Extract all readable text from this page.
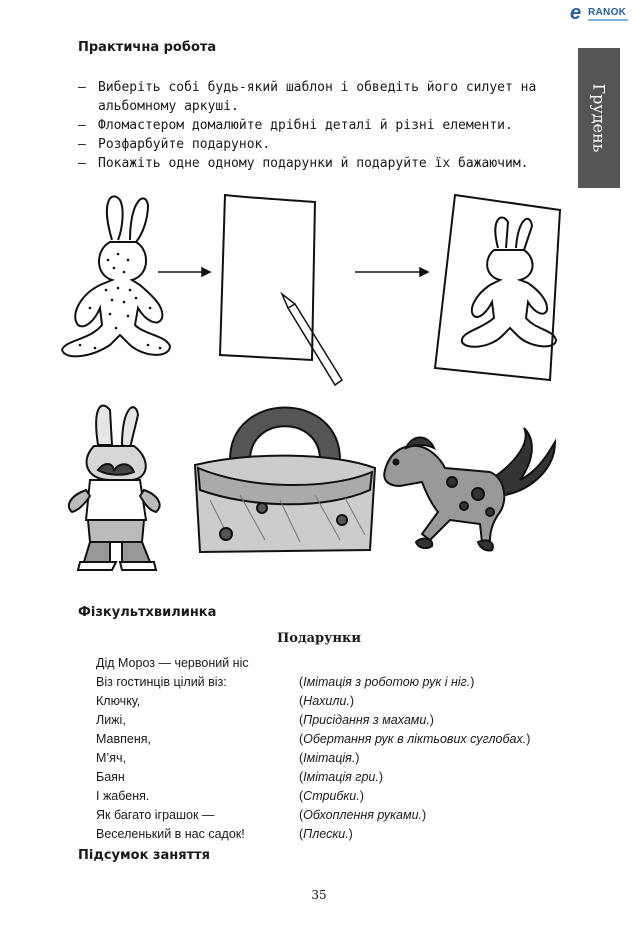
e RANOK
Грудень
Практична робота
— Виберіть собі будь-який шаблон і обведіть його силует на альбомному аркуші.
— Фломастером домалюйте дрібні деталі й різні елементи.
— Розфарбуйте подарунок.
— Покажіть одне одному подарунки й подаруйте їх бажаючим.
Фізкультхвилинка
Подарунки
Дід Мороз — червоний ніс
Віз гостинців цілий віз:	(Імітація з роботою рук і ніг.)
Ключку,	(Нахили.)
Лижі,	(Присідання з махами.)
Мавпеня,	(Обертання рук в ліктьових суглобах.)
М’яч,	(Імітація.)
Баян	(Імітація гри.)
І жабеня.	(Стрибки.)
Як багато іграшок —	(Обхоплення руками.)
Веселенький в нас садок!	(Плески.)
Підсумок заняття
35
